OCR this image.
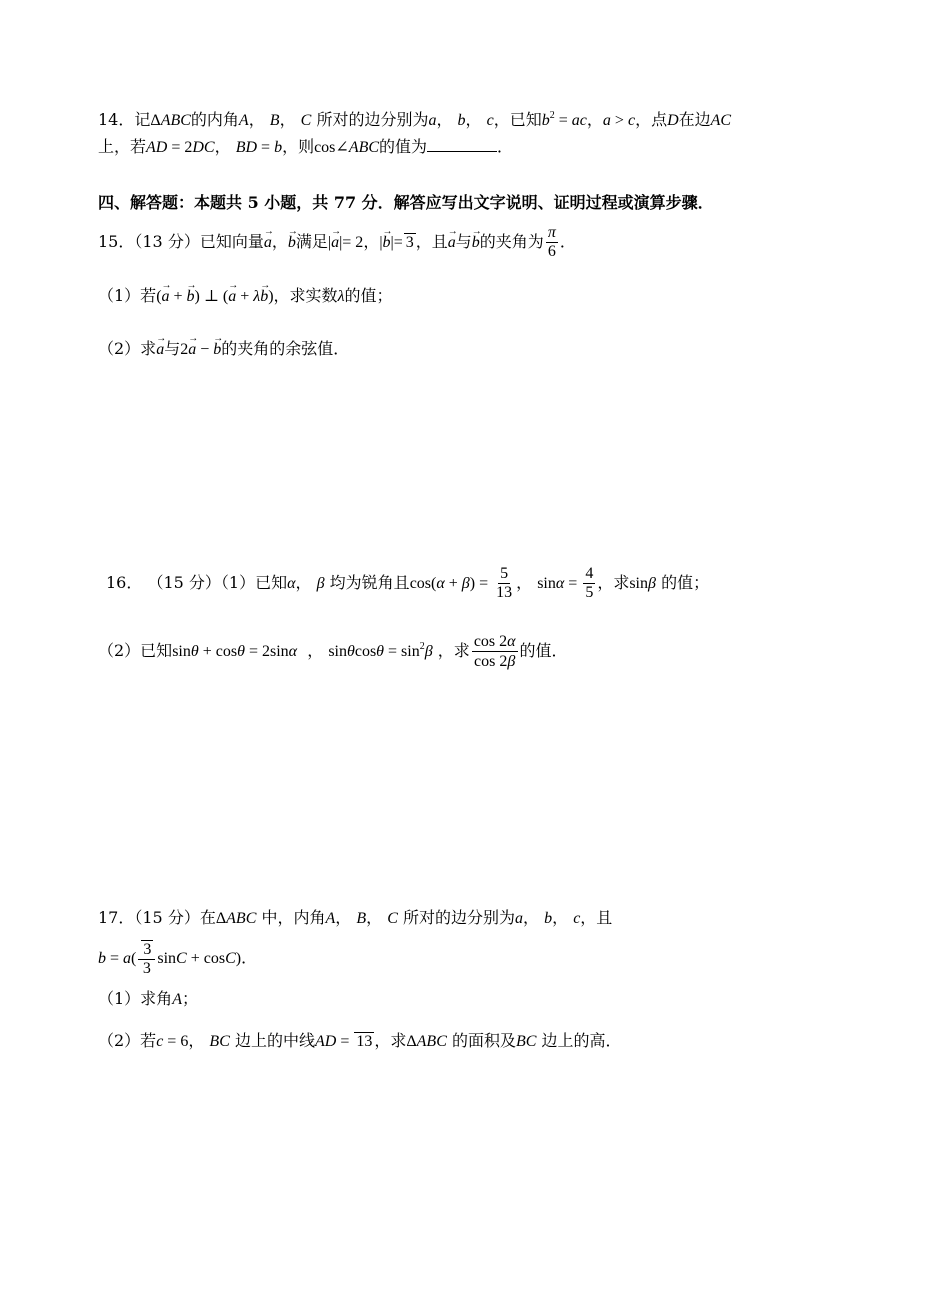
14．记ΔABC的内角A， B， C 所对的边分别为a， b， c，已知$b^2$ = ac，a > c，点D在边AC
上，若AD = 2DC， BD = b，则cos∠ABC的值为	．
四、解答题：本题共 5 小题，共 77 分．解答应写出文字说明、证明过程或演算步骤．
15．（13 分）已知向量→ a，→ b满足|→ a|= 2，|→ b|= 3 ，且→ a与→ b的夹角为 $\frac{\pi}{6}$ ．
（1）若(→ a + → b) ⊥ (→ a + λ→ b)，求实数λ的值；
（2）求→ a与2→ a − → b的夹角的余弦值．
16． （15 分）（1）已知α， β 均为锐角且$\cos(\alpha + \beta) = \frac{5}{13}$ ， $\sin\alpha = \frac{4}{5}$ ，求sinβ 的值；
（2）已知sinθ + cosθ = 2sinα  ， $\sin\theta\cos\theta = \sin^2\beta$ ，求 $\frac{\cos 2\alpha}{\cos 2\beta}$ 的值．
17．（15 分）在ΔABC 中，内角A， B， C 所对的边分别为a， b， c，且
$b = a( \frac{3}{3}$ sinC + cosC)．
（1）求角A；
（2）若c = 6， BC 边上的中线AD = 13 ，求ΔABC 的面积及BC 边上的高．
